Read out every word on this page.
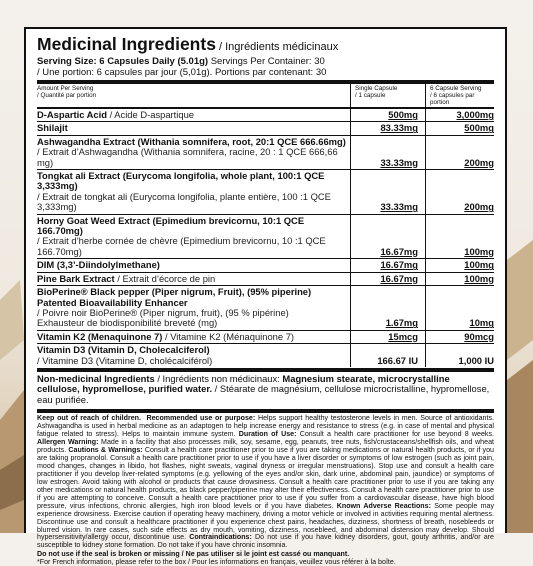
Medicinal Ingredients / Ingrédients médicinaux
Serving Size: 6 Capsules Daily (5.01g) Servings Per Container: 30
/ Une portion: 6 capsules par jour (5,01g). Portions par contenant: 30
Amount Per Serving
/ Quantité par portion
Single Capsule
/ 1 capsule
6 Capsule Serving
/ 6 capsules par portion
D-Aspartic Acid / Acide D-aspartique	500mg	3,000mg
Shilajit	83.33mg	500mg
Ashwagandha Extract (Withania somnifera, root, 20:1 QCE 666.66mg)
/ Extrait d’Ashwagandha (Withania somnifera, racine, 20 : 1 QCE 666,66 mg)	33.33mg	200mg
Tongkat ali Extract (Eurycoma longifolia, whole plant, 100:1 QCE 3,333mg)
/ Extrait de tongkat ali (Eurycoma longifolia, plante entière, 100 :1 QCE 3,333mg)	33.33mg	200mg
Horny Goat Weed Extract (Epimedium brevicornu, 10:1 QCE 166.70mg)
/ Extrait d’herbe cornée de chèvre (Epimedium brevicornu, 10 :1 QCE 166.70mg)	16.67mg	100mg
DIM (3,3’-Diindolylmethane)	16.67mg	100mg
Pine Bark Extract / Extrait d’écorce de pin	16.67mg	100mg
BioPerine® Black pepper (Piper nigrum, Fruit), (95% piperine)
Patented Bioavailability Enhancer
/ Poivre noir BioPerine® (Piper nigrum, fruit), (95 % pipérine)
Exhausteur de biodisponibilité breveté (mg)	1.67mg	10mg
Vitamin K2 (Menaquinone 7) / Vitamine K2 (Ménaquinone 7)	15mcg	90mcg
Vitamin D3 (Vitamin D, Cholecalciferol)
/ Vitamine D3 (Vitamine D, cholécalciférol)	166.67 IU	1,000 IU
Non-medicinal Ingredients / Ingrédients non médicinaux: Magnesium stearate, microcrystalline cellulose, hypromellose, purified water. / Stéarate de magnésium, cellulose microcristalline, hypromellose, eau purifiée.
Keep out of reach of children. Recommended use or purpose: Helps support healthy testosterone levels in men. Source of antioxidants. Ashwagandha is used in herbal medicine as an adaptogen to help increase energy and resistance to stress (e.g. in case of mental and physical fatigue related to stress). Helps to maintain immune system. Duration of Use: Consult a health care practitioner for use beyond 8 weeks. Allergen Warning: Made in a facility that also processes milk, soy, sesame, egg, peanuts, tree nuts, fish/crustaceans/shellfish oils, and wheat products. Cautions & Warnings: Consult a health care practitioner prior to use if you are taking medications or natural health products, or if you are taking propranolol. Consult a health care practitioner prior to use if you have a liver disorder or symptoms of low estrogen (such as joint pain, mood changes, changes in libido, hot flashes, night sweats, vaginal dryness or irregular menstruations). Stop use and consult a health care practitioner if you develop liver-related symptoms (e.g. yellowing of the eyes and/or skin, dark urine, abdominal pain, jaundice) or symptoms of low estrogen. Avoid taking with alcohol or products that cause drowsiness. Consult a health care practitioner prior to use if you are taking any other medications or natural health products, as black pepper/piperine may alter their effectiveness. Consult a health care practitioner prior to use if you are attempting to conceive. Consult a health care practitioner prior to use if you suffer from a cardiovascular disease, have high blood pressure, virus infections, chronic allergies, high iron blood levels or if you have diabetes. Known Adverse Reactions: Some people may experience drowsiness. Exercise caution if operating heavy machinery, driving a motor vehicle or involved in activities requiring mental alertness. Discontinue use and consult a healthcare practitioner if you experience chest pains, headaches, dizziness, shortness of breath, nosebleeds or blurred vision. In rare cases, such side effects as dry mouth, vomiting, dizziness, nosebleed, and abdominal distension may develop. Should hypersensitivity/allergy occur, discontinue use. Contraindications: Do not use if you have kidney disorders, gout, gouty arthritis, and/or are susceptible to kidney stone formation. Do not take if you have chronic insomnia.
Do not use if the seal is broken or missing / Ne pas utiliser si le joint est cassé ou manquant.
*For French information, please refer to the box / Pour les informations en français, veuillez vous référer à la boîte.
